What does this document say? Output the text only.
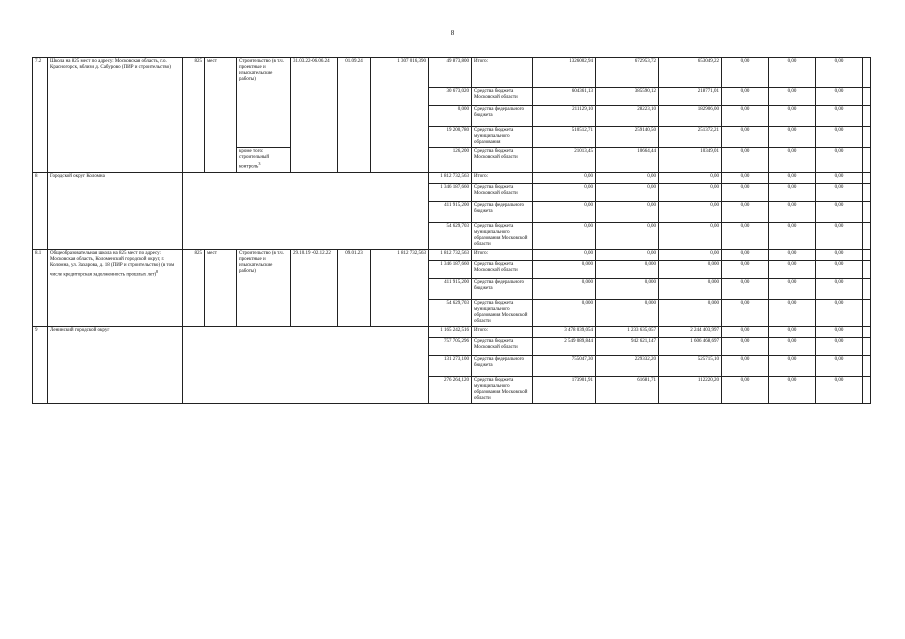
8
7.2	Школа на 825 мест по адресу: Московская область, г.о. Красногорск, вблизи д. Сабурово (ПИР и строительство)	825	мест	Строительство (в т.ч. проектные и изыскательские работы)	31.03.22-06.06.24	01.09.24	1 307 016,390	49 873,800	Итого:	1326002,94	672953,72	653049,22	0,00	0,00	0,00	
								30 673,020	Средства бюджета Московской области	604361,13	385590,12	218771,01	0,00	0,00	0,00	
								0,000	Средства федерального бюджета	211129,10	28223,10	182906,00	0,00	0,00	0,00	
								19 200,780	Средства бюджета муниципального образования	510512,71	259140,50	251372,21	0,00	0,00	0,00	
				кроме того: строительный контроль$^3$				126,200	Средства бюджета Московской области	21013,45	10664,44	10349,01	0,00	0,00	0,00	
8	Городской округ Коломна							1 812 732,563	Итого:	0,00	0,00	0,00	0,00	0,00	0,00	
								1 346 187,660	Средства бюджета Московской области	0,00	0,00	0,00	0,00	0,00	0,00	
								411 915,200	Средства федерального бюджета	0,00	0,00	0,00	0,00	0,00	0,00	
								54 629,703	Средства бюджета муниципального образования Московской области	0,00	0,00	0,00	0,00	0,00	0,00	
8.1	Общеобразовательная школа на 825 мест по адресу: Московская область, Коломенский городской округ, г. Коломна, ул. Захарова, д. 18 (ПИР и строительство) (в том числе кредиторская задолженность прошлых лет)$^8$	825	мест	Строительство (в т.ч. проектные и изыскательские работы)	29.10.19 -02.12.22	09.01.23	1 812 732,563	1 812 732,563	Итого:	0,00	0,00	0,00	0,00	0,00	0,00	
								1 346 187,660	Средства бюджета Московской области	0,000	0,000	0,000	0,00	0,00	0,00	
								411 915,200	Средства федерального бюджета	0,000	0,000	0,000	0,00	0,00	0,00	
								54 629,703	Средства бюджета муниципального образования Московской области	0,000	0,000	0,000	0,00	0,00	0,00	
9	Ленинский городской округ							1 165 242,516	Итого:	3 478 039,054	1 233 635,057	2 244 403,997	0,00	0,00	0,00	
								757 705,296	Средства бюджета Московской области	2 549 089,844	942 621,147	1 606 468,697	0,00	0,00	0,00	
								131 273,100	Средства федерального бюджета	755047,30	229332,20	525715,10	0,00	0,00	0,00	
								276 264,120	Средства бюджета муниципального образования Московской области	173901,91	61681,71	112220,20	0,00	0,00	0,00	
